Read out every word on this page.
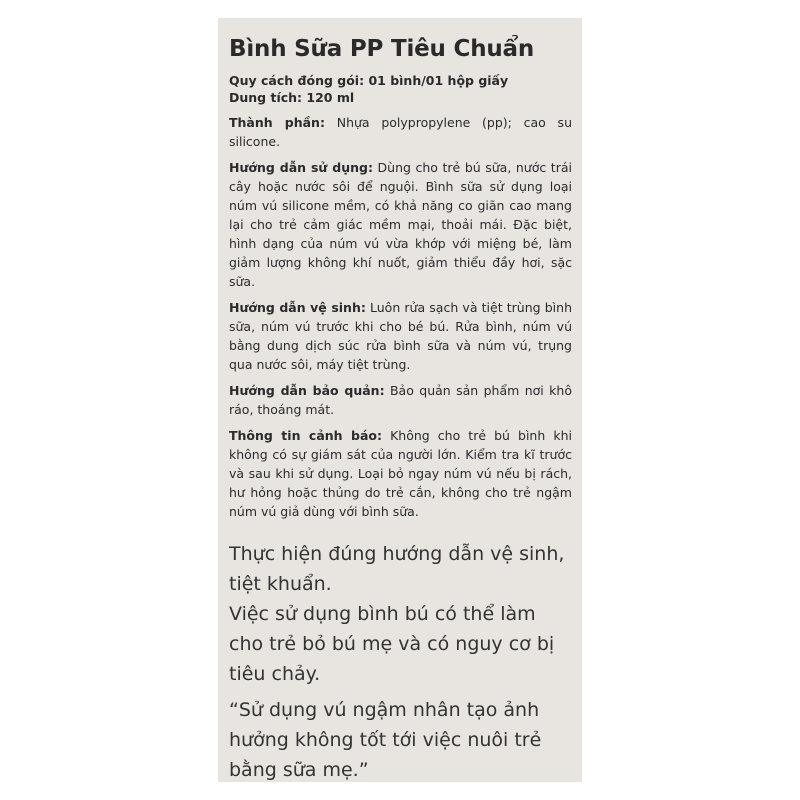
Bình Sữa PP Tiêu Chuẩn

Quy cách đóng gói: 01 bình/01 hộp giấy

Dung tích: 120 ml

Thành phần: Nhựa polypropylene (pp); cao su silicone.

Hướng dẫn sử dụng: Dùng cho trẻ bú sữa, nước trái cây hoặc nước sôi để nguội. Bình sữa sử dụng loại núm vú silicone mềm, có khả năng co giãn cao mang lại cho trẻ cảm giác mềm mại, thoải mái. Đặc biệt, hình dạng của núm vú vừa khớp với miệng bé, làm giảm lượng không khí nuốt, giảm thiểu đầy hơi, sặc sữa.

Hướng dẫn vệ sinh: Luôn rửa sạch và tiệt trùng bình sữa, núm vú trước khi cho bé bú. Rửa bình, núm vú bằng dung dịch súc rửa bình sữa và núm vú, trụng qua nước sôi, máy tiệt trùng.

Hướng dẫn bảo quản: Bảo quản sản phẩm nơi khô ráo, thoáng mát.

Thông tin cảnh báo: Không cho trẻ bú bình khi không có sự giám sát của người lớn. Kiểm tra kĩ trước và sau khi sử dụng. Loại bỏ ngay núm vú nếu bị rách, hư hỏng hoặc thủng do trẻ cắn, không cho trẻ ngậm núm vú giả dùng với bình sữa.

Thực hiện đúng hướng dẫn vệ sinh, tiệt khuẩn.

Việc sử dụng bình bú có thể làm cho trẻ bỏ bú mẹ và có nguy cơ bị tiêu chảy.

“Sử dụng vú ngậm nhân tạo ảnh hưởng không tốt tới việc nuôi trẻ bằng sữa mẹ.”
